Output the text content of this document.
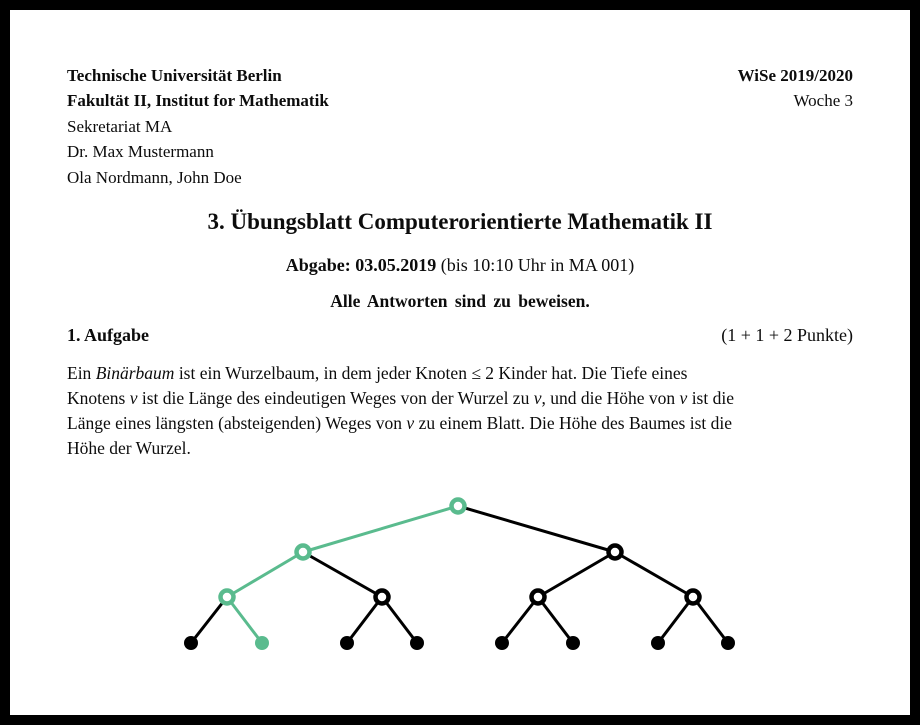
Technische Universität Berlin
Fakultät II, Institut for Mathematik
Sekretariat MA
Dr. Max Mustermann
Ola Nordmann, John Doe
WiSe 2019/2020
Woche 3
3. Übungsblatt Computerorientierte Mathematik II

Abgabe: 03.05.2019 (bis 10:10 Uhr in MA 001)

Alle Antworten sind zu beweisen.

1. Aufgabe	(1 + 1 + 2 Punkte)
Ein Binärbaum ist ein Wurzelbaum, in dem jeder Knoten ≤ 2 Kinder hat. Die Tiefe eines
Knotens v ist die Länge des eindeutigen Weges von der Wurzel zu v, und die Höhe von v ist die
Länge eines längsten (absteigenden) Weges von v zu einem Blatt. Die Höhe des Baumes ist die
Höhe der Wurzel.
